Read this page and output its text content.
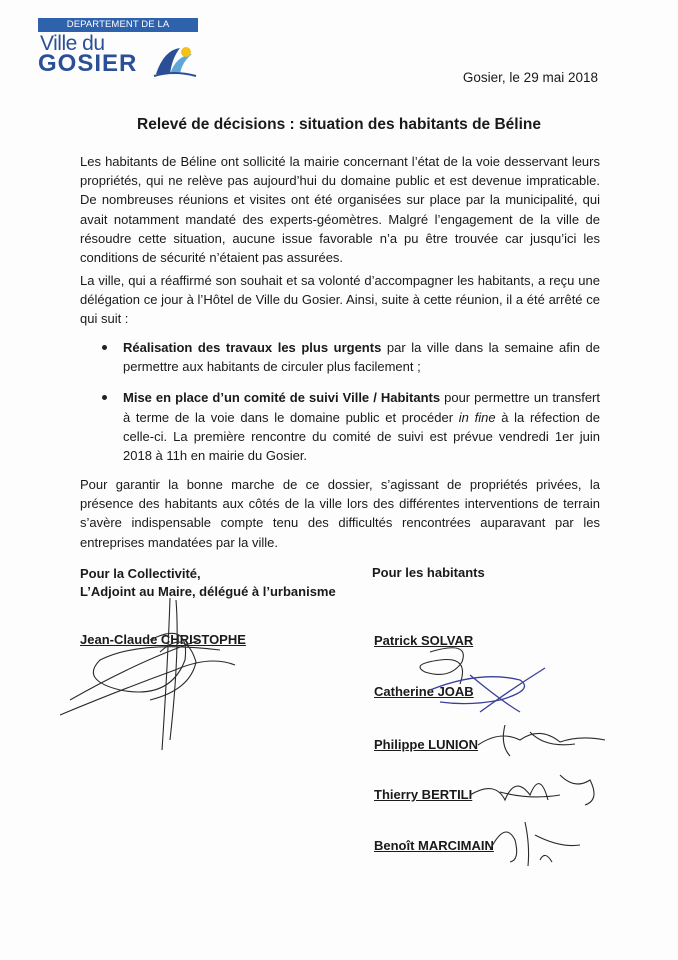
DEPARTEMENT DE LA GUADELOUPE
Ville du
GOSIER
Gosier, le 29 mai 2018
Relevé de décisions : situation des habitants de Béline

Les habitants de Béline ont sollicité la mairie concernant l’état de la voie desservant leurs propriétés, qui ne relève pas aujourd’hui du domaine public et est devenue impraticable. De nombreuses réunions et visites ont été organisées sur place par la municipalité, qui avait notamment mandaté des experts-géomètres. Malgré l’engagement de la ville de résoudre cette situation, aucune issue favorable n’a pu être trouvée car jusqu’ici les conditions de sécurité n’étaient pas assurées.

La ville, qui a réaffirmé son souhait et sa volonté d’accompagner les habitants, a reçu une délégation ce jour à l’Hôtel de Ville du Gosier. Ainsi, suite à cette réunion, il a été arrêté ce qui suit :

Réalisation des travaux les plus urgents par la ville dans la semaine afin de permettre aux habitants de circuler plus facilement ;
Mise en place d’un comité de suivi Ville / Habitants pour permettre un transfert à terme de la voie dans le domaine public et procéder in fine à la réfection de celle-ci. La première rencontre du comité de suivi est prévue vendredi 1er juin 2018 à 11h en mairie du Gosier.

Pour garantir la bonne marche de ce dossier, s’agissant de propriétés privées, la présence des habitants aux côtés de la ville lors des différentes interventions de terrain s’avère indispensable compte tenu des difficultés rencontrées auparavant par les entreprises mandatées par la ville.

Pour la Collectivité,
L’Adjoint au Maire, délégué à l’urbanisme
Pour les habitants
Jean-Claude CHRISTOPHE	Patrick SOLVAR
Catherine JOAB
Philippe LUNION
Thierry BERTILI
Benoît MARCIMAIN
